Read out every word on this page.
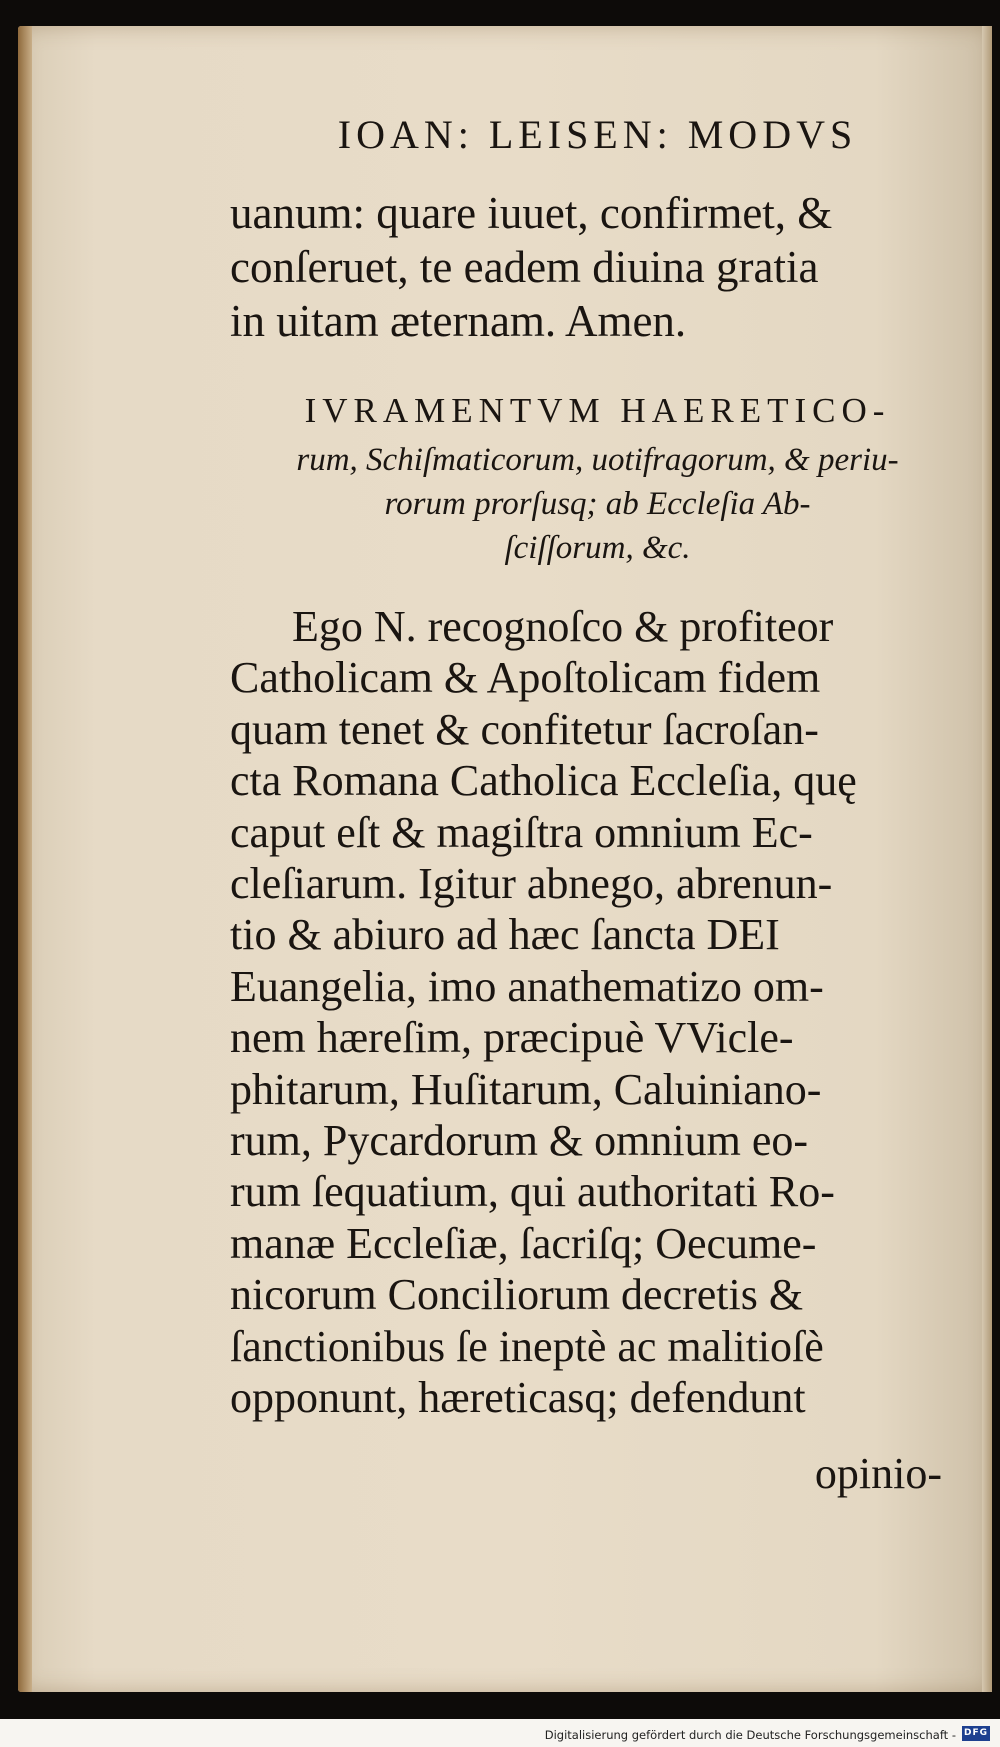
IOAN: LEISEN: MODVS
uanum: quare iuuet, confirmet, &
conſeruet, te eadem diuina gratia
in uitam æternam. Amen.
IVRAMENTVM HAERETICO-
rum, Schiſmaticorum, uotifragorum, & periu-
rorum prorſusq; ab Eccleſia Ab-
ſciſſorum, &c.
Ego N. recognoſco & profiteor
Catholicam & Apoſtolicam fidem
quam tenet & confitetur ſacroſan-
cta Romana Catholica Eccleſia, quę
caput eſt & magiſtra omnium Ec-
cleſiarum. Igitur abnego, abrenun-
tio & abiuro ad hæc ſancta DEI
Euangelia, imo anathematizo om-
nem hæreſim, præcipuè VVicle-
phitarum, Huſitarum, Caluiniano-
rum, Pycardorum & omnium eo-
rum ſequatium, qui authoritati Ro-
manæ Eccleſiæ, ſacriſq; Oecume-
nicorum Conciliorum decretis &
ſanctionibus ſe ineptè ac malitioſè
opponunt, hæreticasq; defendunt
opinio-
Digitalisierung gefördert durch die Deutsche Forschungsgemeinschaft - DFG
